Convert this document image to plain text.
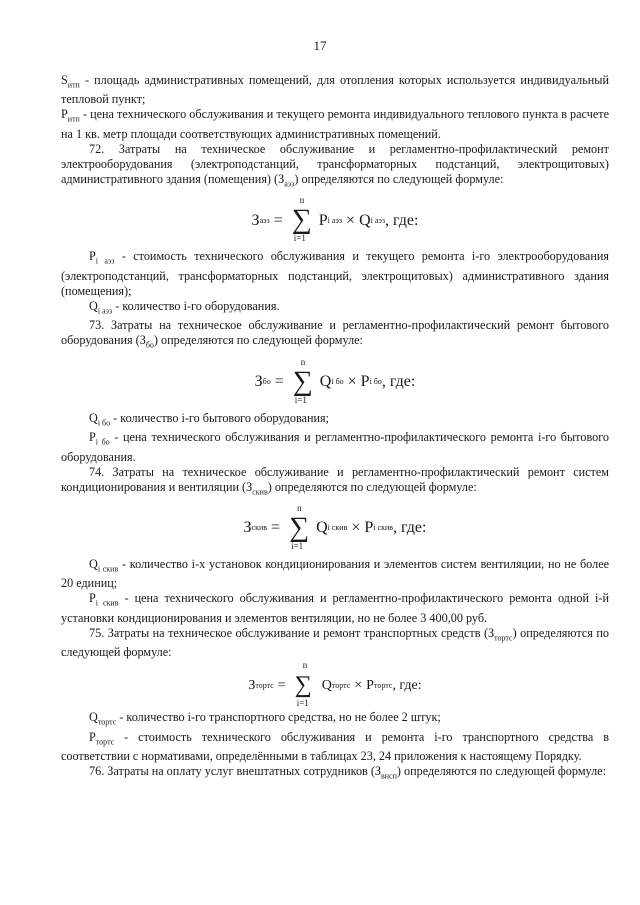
17

$S_{итп}$ - площадь административных помещений, для отопления которых используется индивидуальный тепловой пункт;

$P_{итп}$ - цена технического обслуживания и текущего ремонта индивидуального теплового пункта в расчете на 1 кв. метр площади соответствующих административных помещений.

72. Затраты на техническое обслуживание и регламентно-профилактический ремонт электрооборудования (электроподстанций, трансформаторных подстанций, электрощитовых) административного здания (помещения) $(З_{аэз})$ определяются по следующей формуле:

З аэз =
n
∑
i=1
P i аэз × Q i аэз , где:

$P_{i аэз}$ - стоимость технического обслуживания и текущего ремонта i-го электрооборудования (электроподстанций, трансформаторных подстанций, электрощитовых) административного здания (помещения);

$Q_{i аэз}$ - количество i-го оборудования.

73. Затраты на техническое обслуживание и регламентно-профилактический ремонт бытового оборудования $(З_{бо})$ определяются по следующей формуле:

З бо =
n
∑
i=1
Q i бо × P i бо , где:

$Q_{i бо}$ - количество i-го бытового оборудования;

$P_{i бо}$ - цена технического обслуживания и регламентно-профилактического ремонта i-го бытового оборудования.

74. Затраты на техническое обслуживание и регламентно-профилактический ремонт систем кондиционирования и вентиляции $(З_{скив})$ определяются по следующей формуле:

З скив =
n
∑
i=1
Q i скив × P i скив , где:

$Q_{i скив}$ - количество i-х установок кондиционирования и элементов систем вентиляции, но не более 20 единиц;

$P_{i скив}$ - цена технического обслуживания и регламентно-профилактического ремонта одной i-й установки кондиционирования и элементов вентиляции, но не более 3 400,00 руб.

75. Затраты на техническое обслуживание и ремонт транспортных средств $(З_{тортс})$ определяются по следующей формуле:

З тортс =
n
∑
i=1
Q тортс × P тортс , где:

$Q_{тортс}$ - количество i-го транспортного средства, но не более 2 штук;

$P_{тортс}$ - стоимость технического обслуживания и ремонта i-го транспортного средства в соответствии с нормативами, определёнными в таблицах 23, 24 приложения к настоящему Порядку.

76. Затраты на оплату услуг внештатных сотрудников $(З_{внсп})$ определяются по следующей формуле:
